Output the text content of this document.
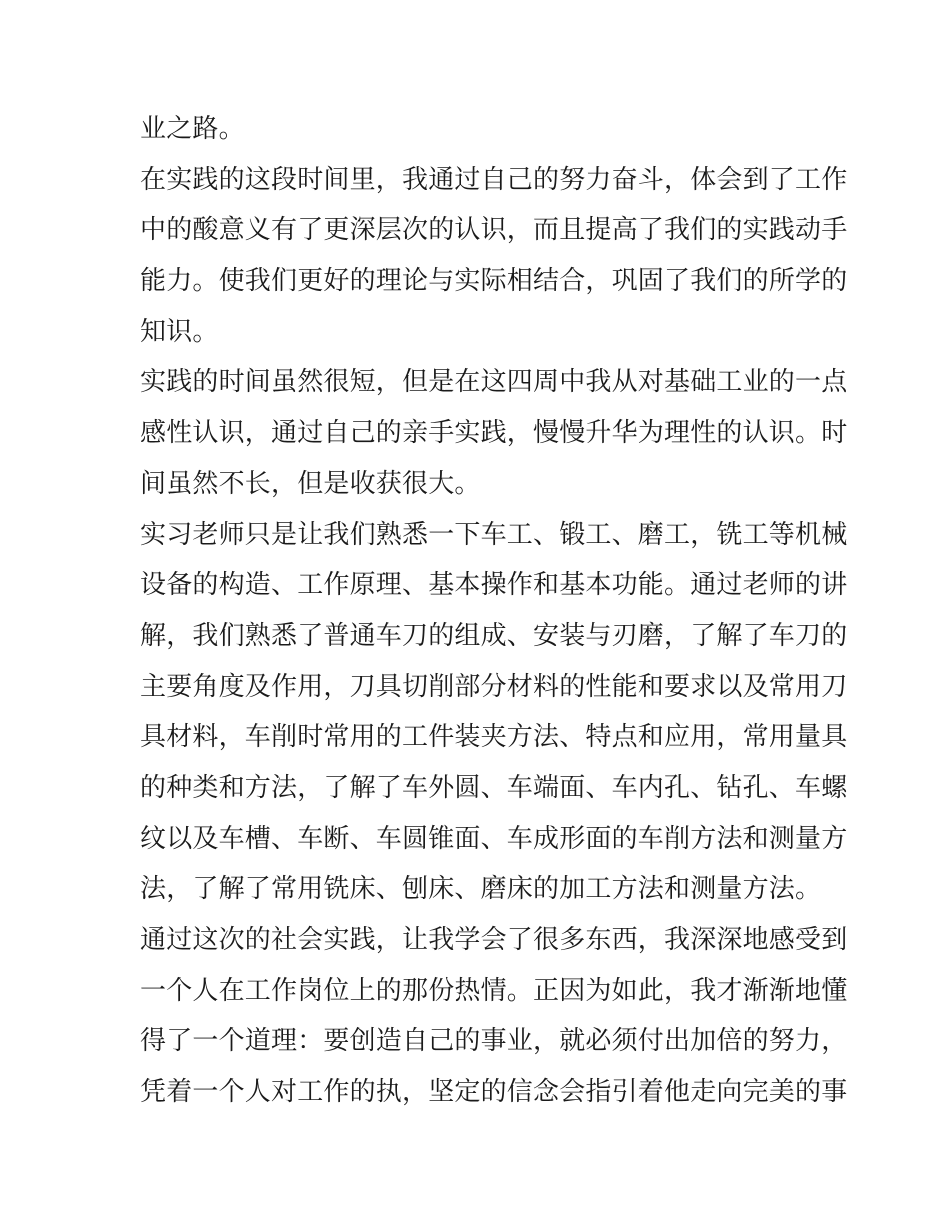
业之路。
在实践的这段时间里，我通过自己的努力奋斗，体会到了工作
中的酸意义有了更深层次的认识，而且提高了我们的实践动手
能力。使我们更好的理论与实际相结合，巩固了我们的所学的
知识。
实践的时间虽然很短，但是在这四周中我从对基础工业的一点
感性认识，通过自己的亲手实践，慢慢升华为理性的认识。时
间虽然不长，但是收获很大。
实习老师只是让我们熟悉一下车工、锻工、磨工，铣工等机械
设备的构造、工作原理、基本操作和基本功能。通过老师的讲
解，我们熟悉了普通车刀的组成、安装与刃磨，了解了车刀的
主要角度及作用，刀具切削部分材料的性能和要求以及常用刀
具材料，车削时常用的工件装夹方法、特点和应用，常用量具
的种类和方法，了解了车外圆、车端面、车内孔、钻孔、车螺
纹以及车槽、车断、车圆锥面、车成形面的车削方法和测量方
法，了解了常用铣床、刨床、磨床的加工方法和测量方法。
通过这次的社会实践，让我学会了很多东西，我深深地感受到
一个人在工作岗位上的那份热情。正因为如此，我才渐渐地懂
得了一个道理：要创造自己的事业，就必须付出加倍的努力，
凭着一个人对工作的执，坚定的信念会指引着他走向完美的事
